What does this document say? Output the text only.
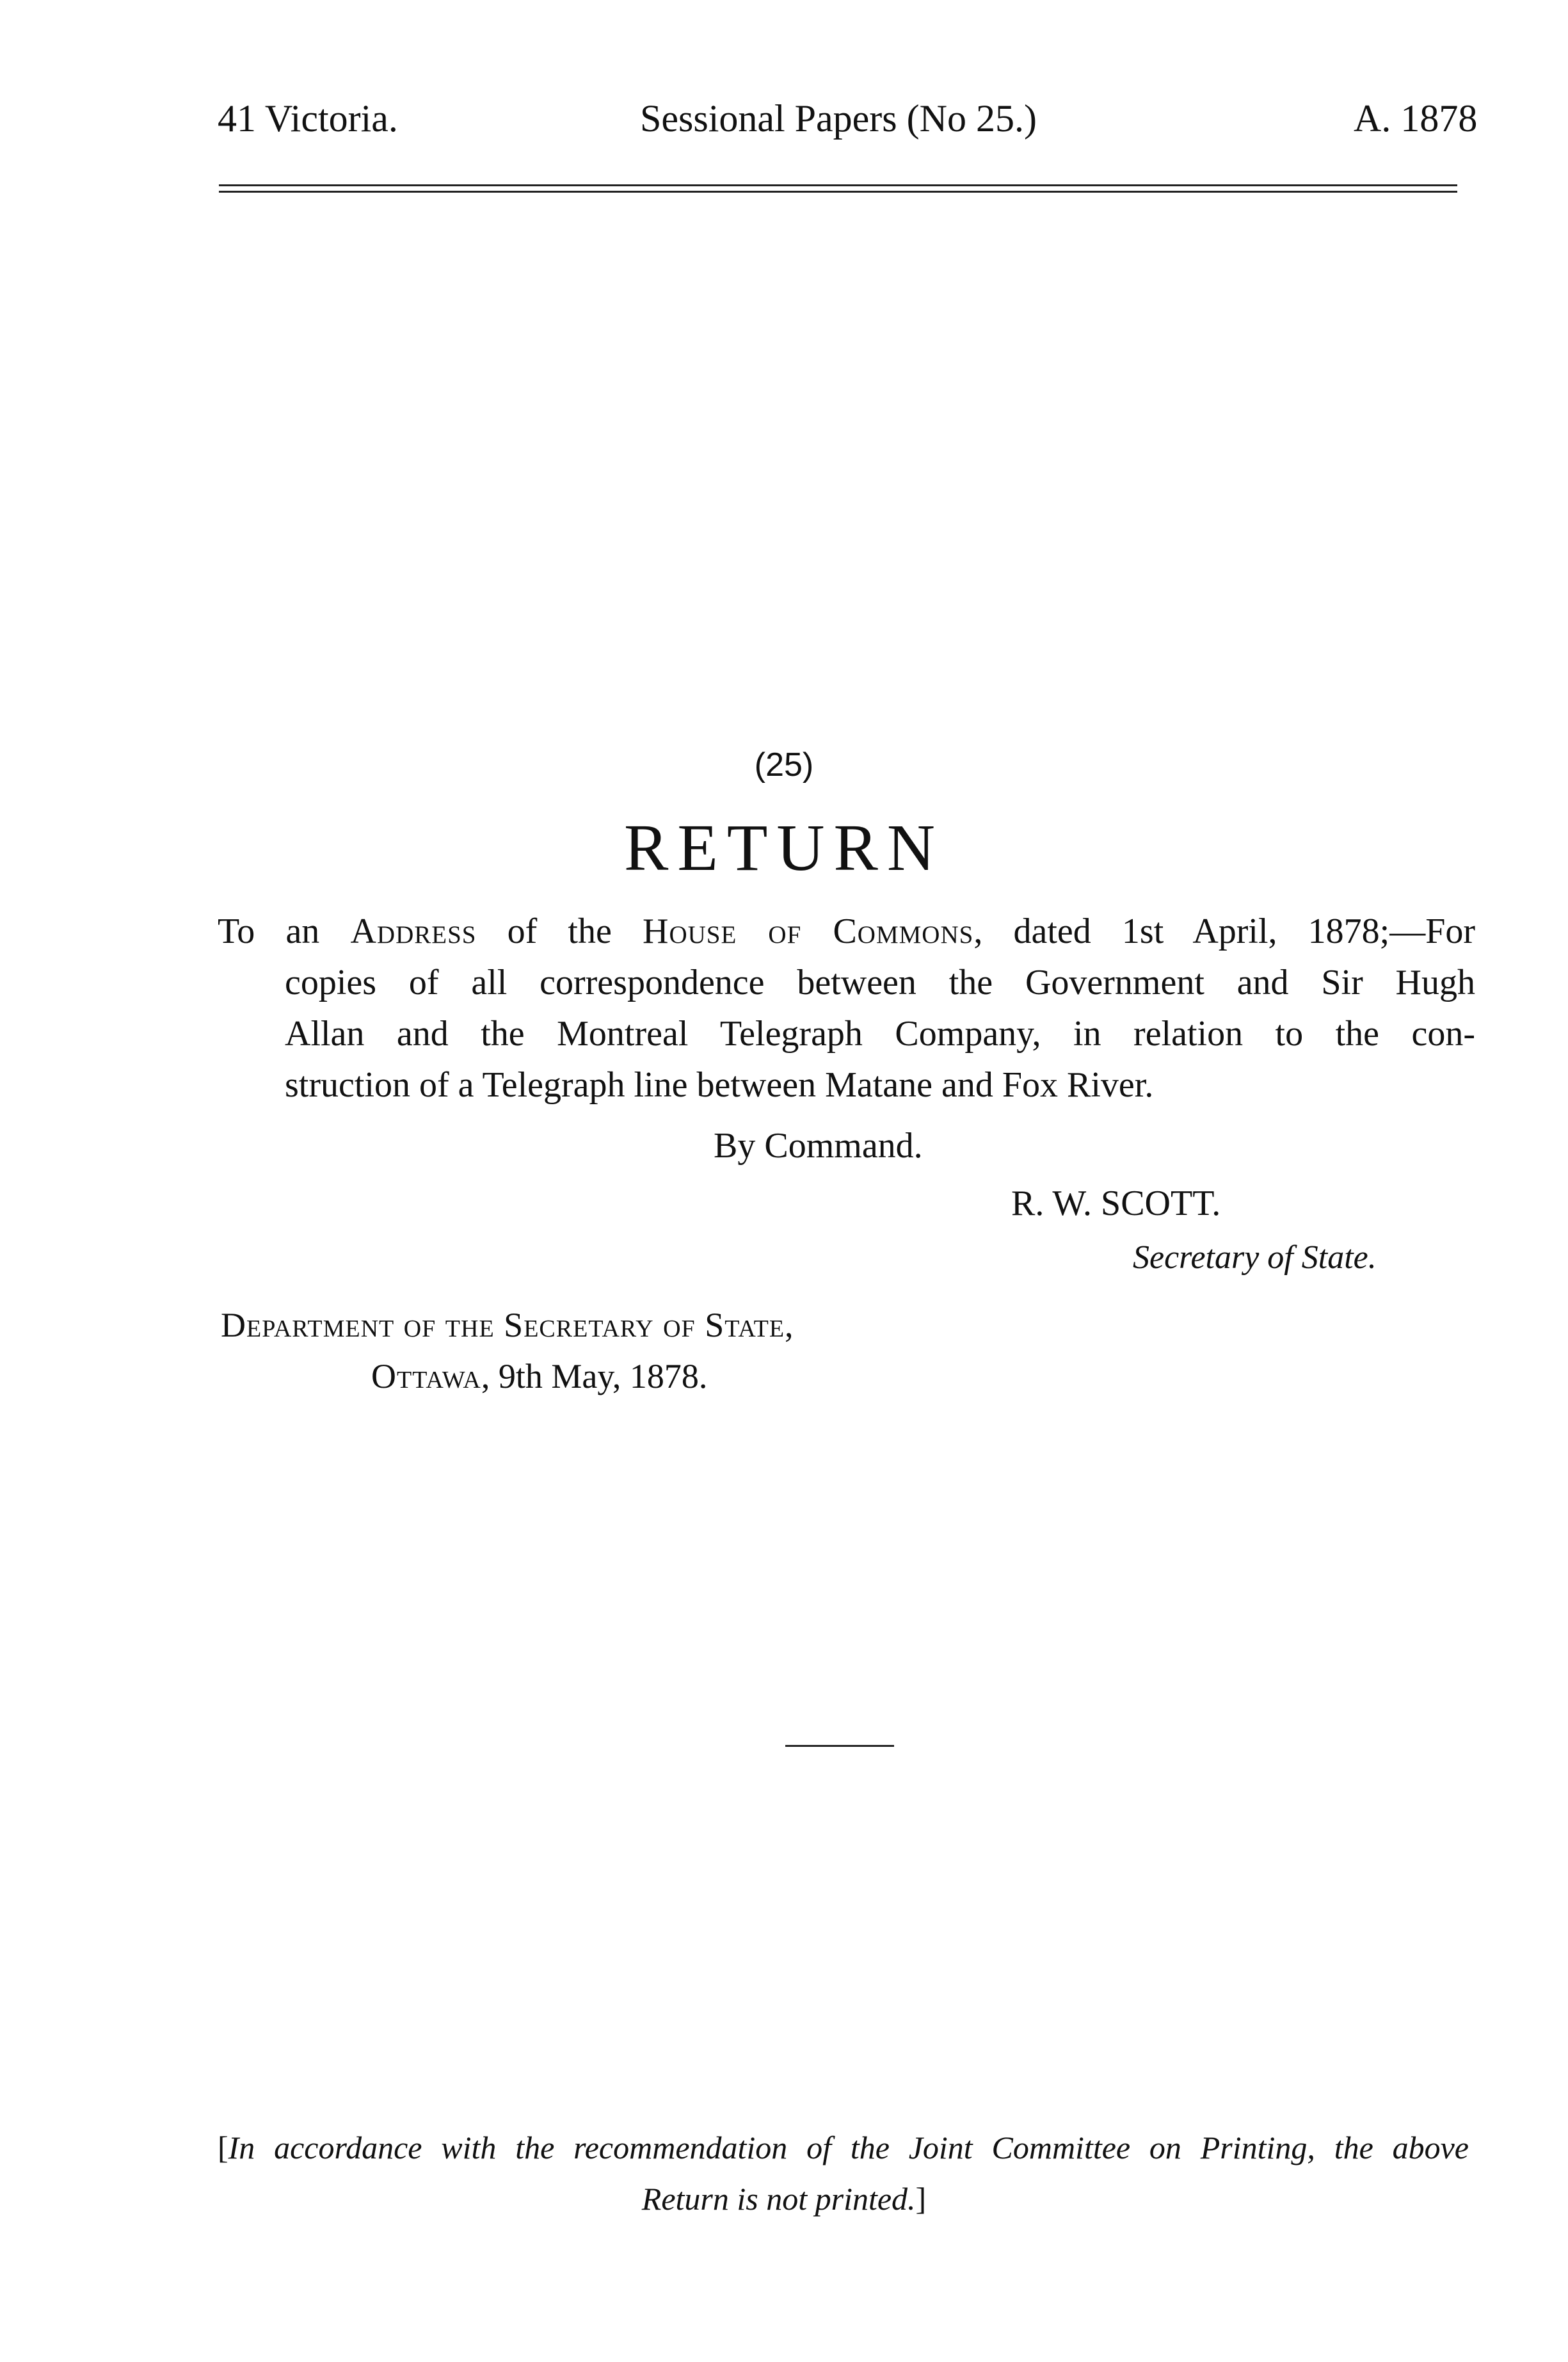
41 Victoria.	Sessional Papers (No 25.)	A. 1878
(25)
RETURN
To an Address of the House of Commons, dated 1st April, 1878;—For
copies of all correspondence between the Government and Sir Hugh
Allan and the Montreal Telegraph Company, in relation to the con-
struction of a Telegraph line between Matane and Fox River.
By Command.
R. W. SCOTT.
Secretary of State.
Department of the Secretary of State,
Ottawa, 9th May, 1878.
[In accordance with the recommendation of the Joint Committee on Printing, the above
Return is not printed.]
